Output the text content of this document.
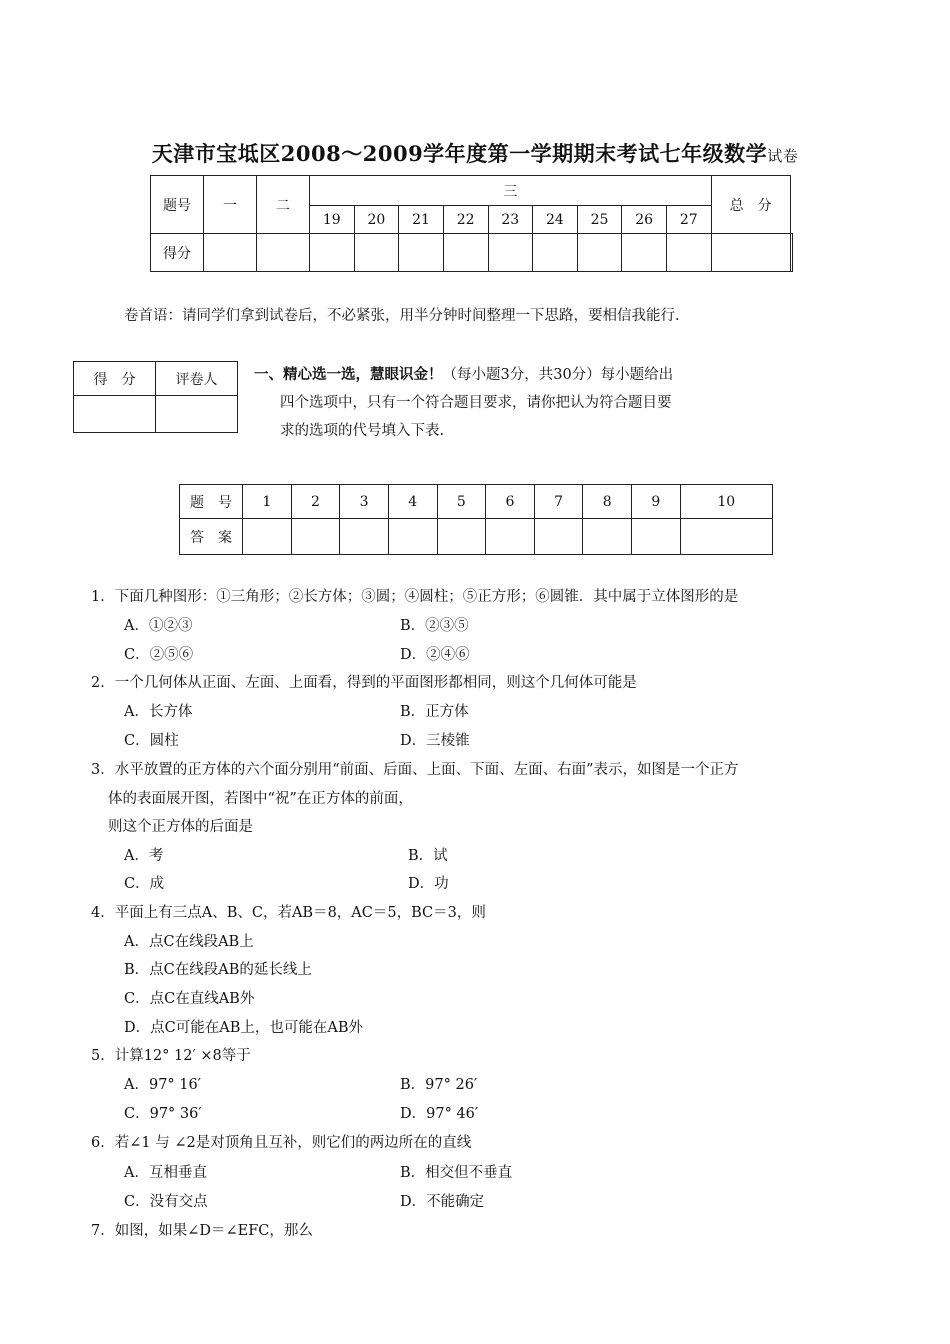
天津市宝坻区2008～2009学年度第一学期期末考试七年级数学试卷
题号	一	二	三									总　分	
			19	20	21	22	23	24	25	26	27		
得分													
卷首语：请同学们拿到试卷后，不必紧张，用半分钟时间整理一下思路，要相信我能行.
得　分	评卷人
		一、精心选一选，慧眼识金！（每小题3分，共30分）每小题给出
四个选项中，只有一个符合题目要求，请你把认为符合题目要
求的选项的代号填入下表.
题　号	1	2	3	4	5	6	7	8	9	10
答　案										
1．下面几种图形：①三角形；②长方体；③圆；④圆柱；⑤正方形；⑥圆锥．其中属于立体图形的是
A．①②③	B．②③⑤
C．②⑤⑥	D．②④⑥
2．一个几何体从正面、左面、上面看，得到的平面图形都相同，则这个几何体可能是
A．长方体	B．正方体
C．圆柱	D．三棱锥
3．水平放置的正方体的六个面分别用“前面、后面、上面、下面、左面、右面”表示，如图是一个正方
体的表面展开图，若图中“祝”在正方体的前面，
则这个正方体的后面是
A．考	B．试
C．成	D．功
4．平面上有三点A、B、C，若AB＝8，AC＝5，BC＝3，则
A．点C在线段AB上
B．点C在线段AB的延长线上
C．点C在直线AB外
D．点C可能在AB上，也可能在AB外
5．计算12° 12′ ×8等于
A．97° 16′	B．97° 26′
C．97° 36′	D．97° 46′
6．若∠1 与 ∠2是对顶角且互补，则它们的两边所在的直线
A．互相垂直	B．相交但不垂直
C．没有交点	D．不能确定
7．如图，如果∠D＝∠EFC，那么
